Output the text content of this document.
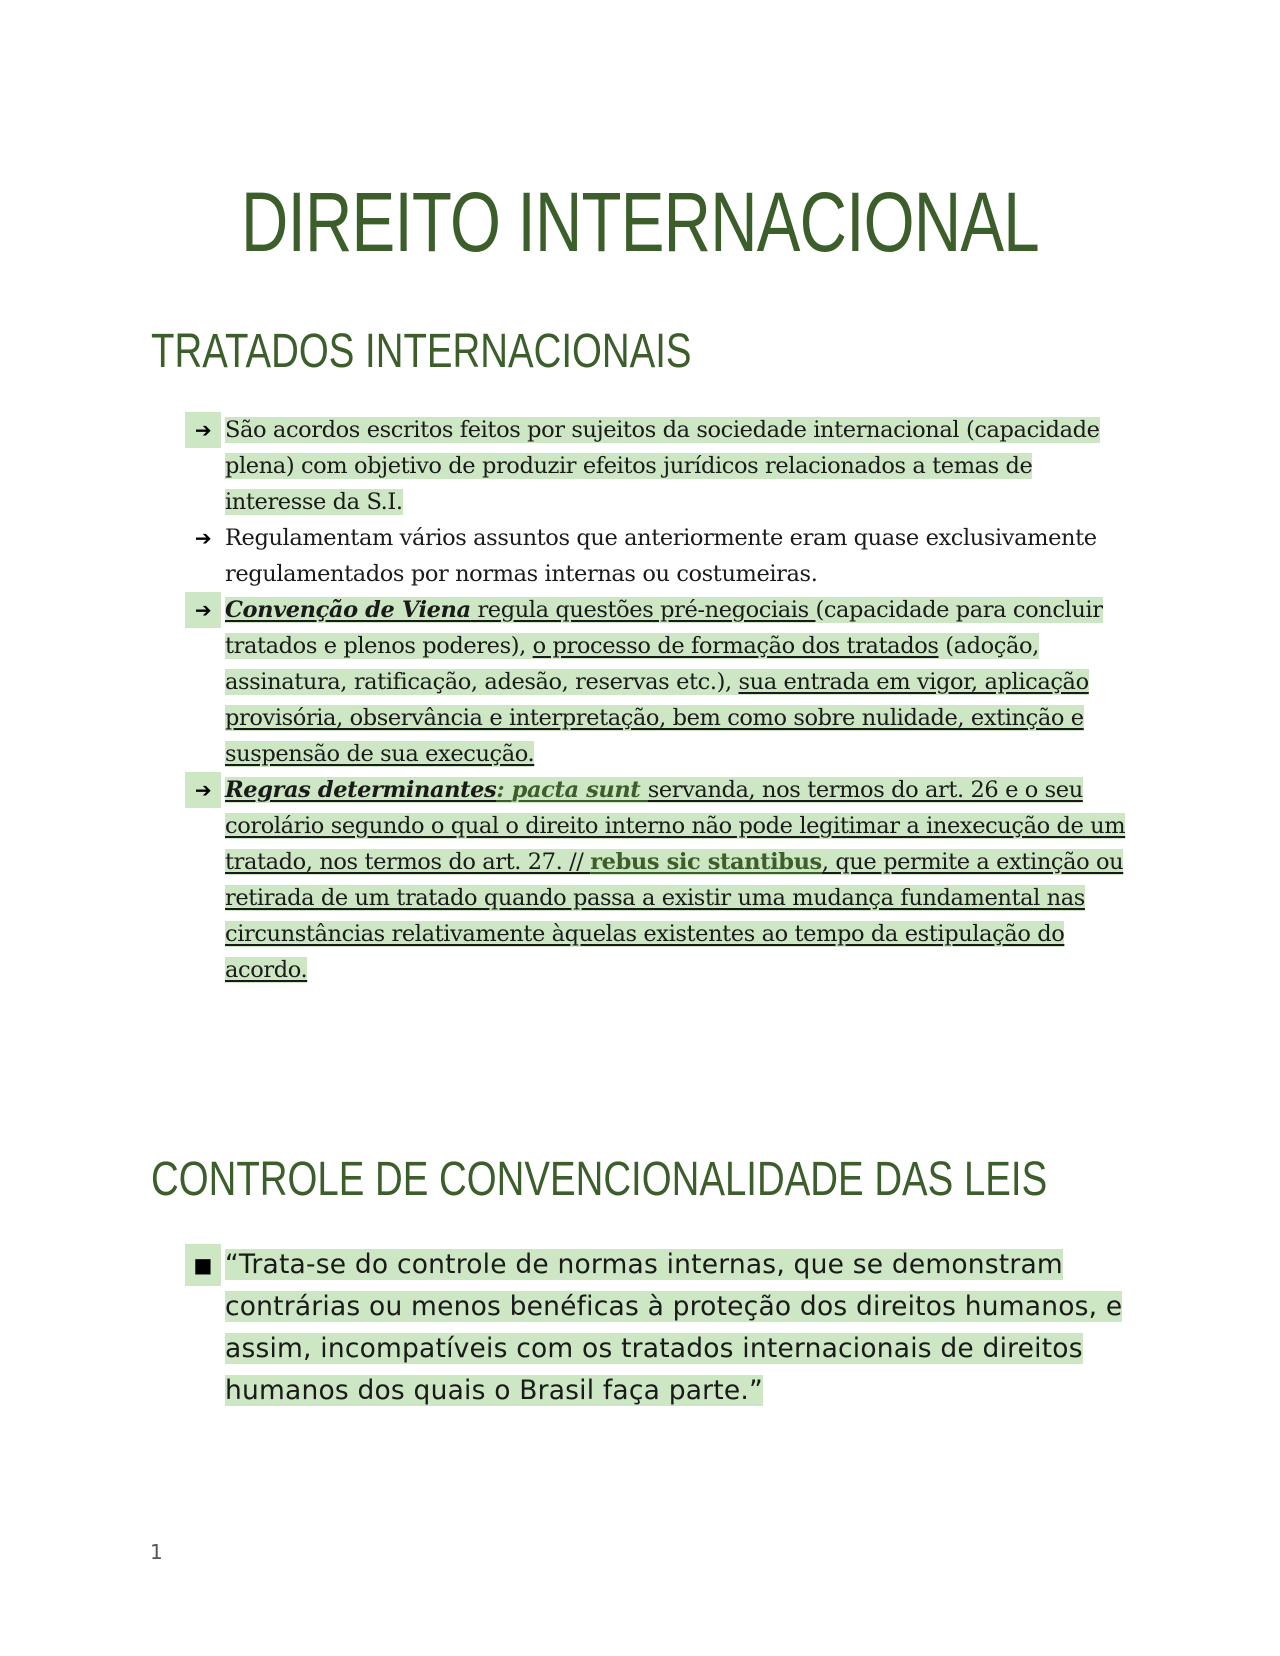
DIREITO INTERNACIONAL
TRATADOS INTERNACIONAIS
➔ São acordos escritos feitos por sujeitos da sociedade internacional (capacidade plena) com objetivo de produzir efeitos jurídicos relacionados a temas de interesse da S.I.
➔ Regulamentam vários assuntos que anteriormente eram quase exclusivamente regulamentados por normas internas ou costumeiras.
➔ Convenção de Viena regula questões pré-negociais (capacidade para concluir tratados e plenos poderes), o processo de formação dos tratados (adoção, assinatura, ratificação, adesão, reservas etc.), sua entrada em vigor, aplicação provisória, observância e interpretação, bem como sobre nulidade, extinção e suspensão de sua execução.
➔ Regras determinantes: pacta sunt servanda, nos termos do art. 26 e o seu corolário segundo o qual o direito interno não pode legitimar a inexecução de um tratado, nos termos do art. 27. // rebus sic stantibus, que permite a extinção ou retirada de um tratado quando passa a existir uma mudança fundamental nas circunstâncias relativamente àquelas existentes ao tempo da estipulação do acordo.
CONTROLE DE CONVENCIONALIDADE DAS LEIS
■ “Trata-se do controle de normas internas, que se demonstram contrárias ou menos benéficas à proteção dos direitos humanos, e assim, incompatíveis com os tratados internacionais de direitos humanos dos quais o Brasil faça parte.”
1
